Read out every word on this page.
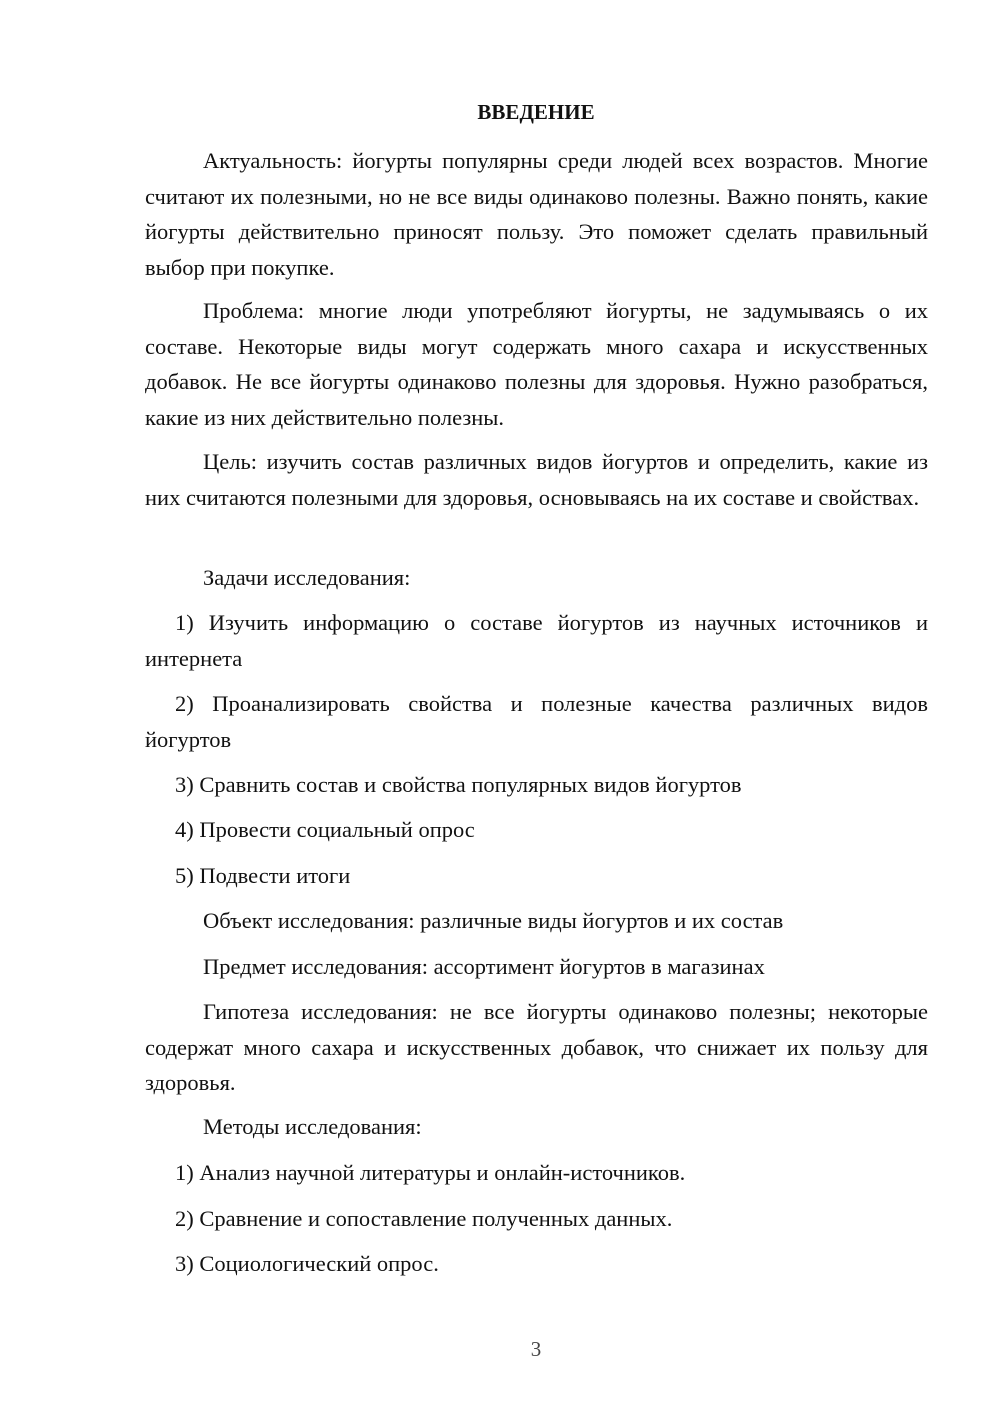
ВВЕДЕНИЕ

Актуальность: йогурты популярны среди людей всех возрастов. Многие считают их полезными, но не все виды одинаково полезны. Важно понять, какие йогурты действительно приносят пользу. Это поможет сделать правильный выбор при покупке.

Проблема: многие люди употребляют йогурты, не задумываясь о их составе. Некоторые виды могут содержать много сахара и искусственных добавок. Не все йогурты одинаково полезны для здоровья. Нужно разобраться, какие из них действительно полезны.

Цель: изучить состав различных видов йогуртов и определить, какие из них считаются полезными для здоровья, основываясь на их составе и свойствах.

Задачи исследования:

1) Изучить информацию о составе йогуртов из научных источников и интернета

2) Проанализировать свойства и полезные качества различных видов йогуртов

3) Сравнить состав и свойства популярных видов йогуртов

4) Провести социальный опрос

5) Подвести итоги

Объект исследования: различные виды йогуртов и их состав

Предмет исследования: ассортимент йогуртов в магазинах

Гипотеза исследования: не все йогурты одинаково полезны; некоторые содержат много сахара и искусственных добавок, что снижает их пользу для здоровья.

Методы исследования:

1) Анализ научной литературы и онлайн-источников.

2) Сравнение и сопоставление полученных данных.

3) Социологический опрос.

3
